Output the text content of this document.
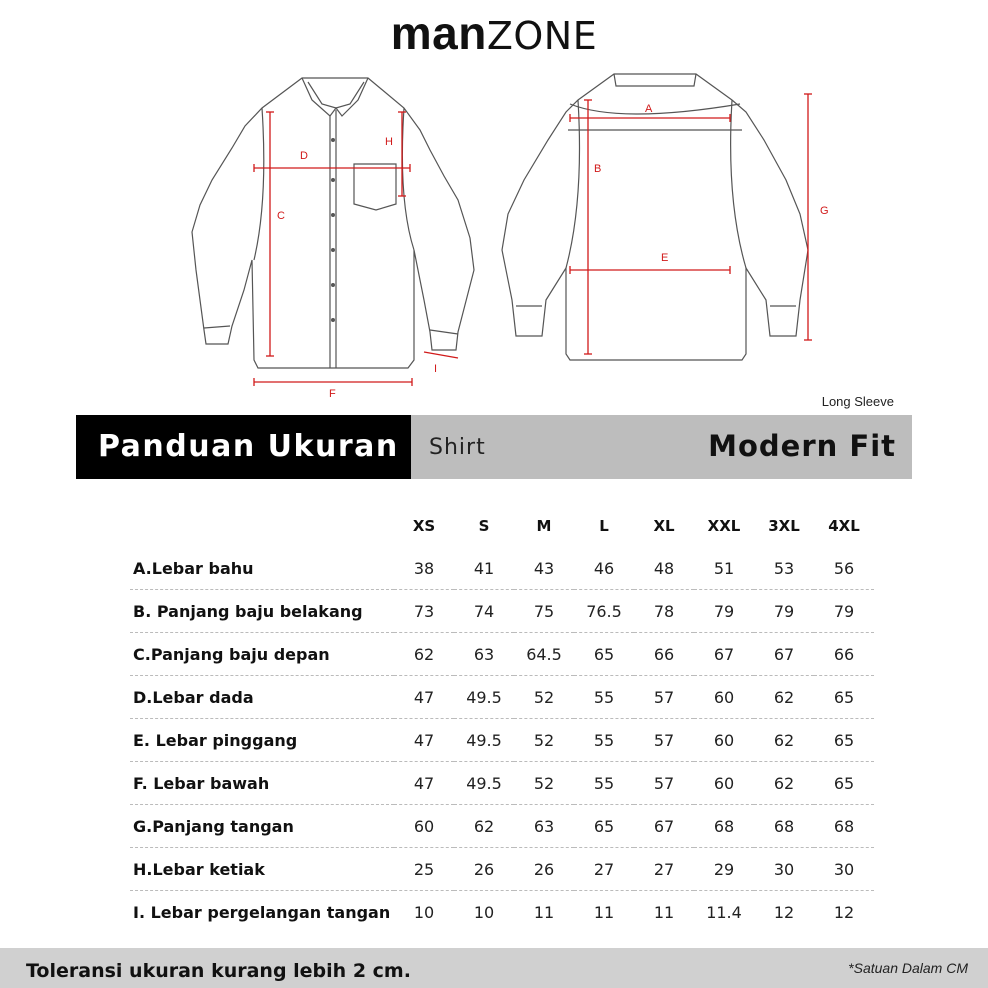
manZONE
A
B
C
D
E
F
G
H
I
Long Sleeve
Panduan Ukuran	Shirt	Modern Fit
	XS	S	M	L	XL	XXL	3XL	4XL
A.Lebar bahu	38	41	43	46	48	51	53	56
B. Panjang baju belakang	73	74	75	76.5	78	79	79	79
C.Panjang baju depan	62	63	64.5	65	66	67	67	66
D.Lebar dada	47	49.5	52	55	57	60	62	65
E. Lebar pinggang	47	49.5	52	55	57	60	62	65
F. Lebar bawah	47	49.5	52	55	57	60	62	65
G.Panjang tangan	60	62	63	65	67	68	68	68
H.Lebar ketiak	25	26	26	27	27	29	30	30
I. Lebar pergelangan tangan	10	10	11	11	11	11.4	12	12
Toleransi ukuran kurang lebih 2 cm.	*Satuan Dalam CM
